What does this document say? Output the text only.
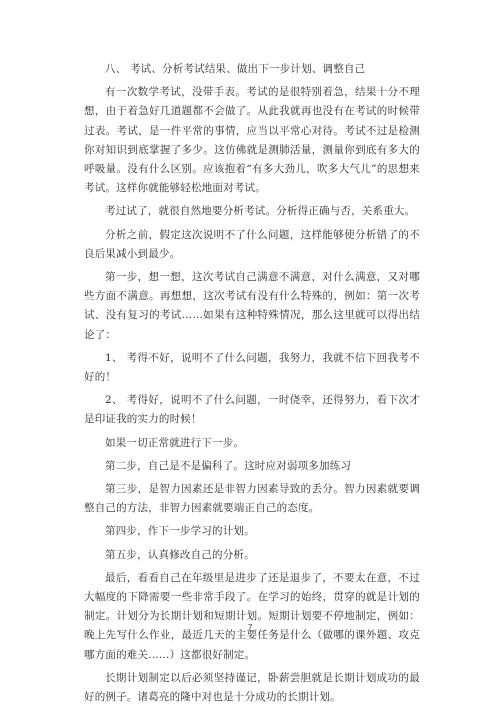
八、 考试、分析考试结果、做出下一步计划、调整自己

有一次数学考试，没带手表。考试的是很特别着急，结果十分不理想，由于着急好几道题都不会做了。从此我就再也没有在考试的时候带过表。考试，是一件平常的事情，应当以平常心对待。考试不过是检测你对知识到底掌握了多少。这仿佛就是测肺活量，测量你到底有多大的呼吸量。没有什么区别。应该抱着“有多大劲儿，吹多大气儿”的思想来考试。这样你就能够轻松地面对考试。

考过试了，就很自然地要分析考试。分析得正确与否，关系重大。

分析之前，假定这次说明不了什么问题，这样能够使分析错了的不良后果减小到最少。

第一步，想一想，这次考试自己满意不满意，对什么满意，又对哪些方面不满意。再想想，这次考试有没有什么特殊的，例如：第一次考试、没有复习的考试……如果有这种特殊情况，那么这里就可以得出结论了：

1、 考得不好，说明不了什么问题，我努力，我就不信下回我考不好的！

2、 考得好，说明不了什么问题，一时侥幸，还得努力，看下次才是印证我的实力的时候！

如果一切正常就进行下一步。

第二步，自己是不是偏科了。这时应对弱项多加练习

第三步，是智力因素还是非智力因素导致的丢分。智力因素就要调整自己的方法，非智力因素就要端正自己的态度。

第四步，作下一步学习的计划。

第五步，认真修改自己的分析。

最后，看看自己在年级里是进步了还是退步了，不要太在意，不过大幅度的下降需要一些非常手段了。在学习的始终，贯穿的就是计划的制定。计划分为长期计划和短期计划。短期计划要不停地制定，例如：晚上先写什么作业，最近几天的主要任务是什么（做哪的课外题、攻克哪方面的难关……）这都很好制定。

长期计划制定以后必须坚持谨记，卧薪尝胆就是长期计划成功的最好的例子。诸葛亮的隆中对也是十分成功的长期计划。

7
